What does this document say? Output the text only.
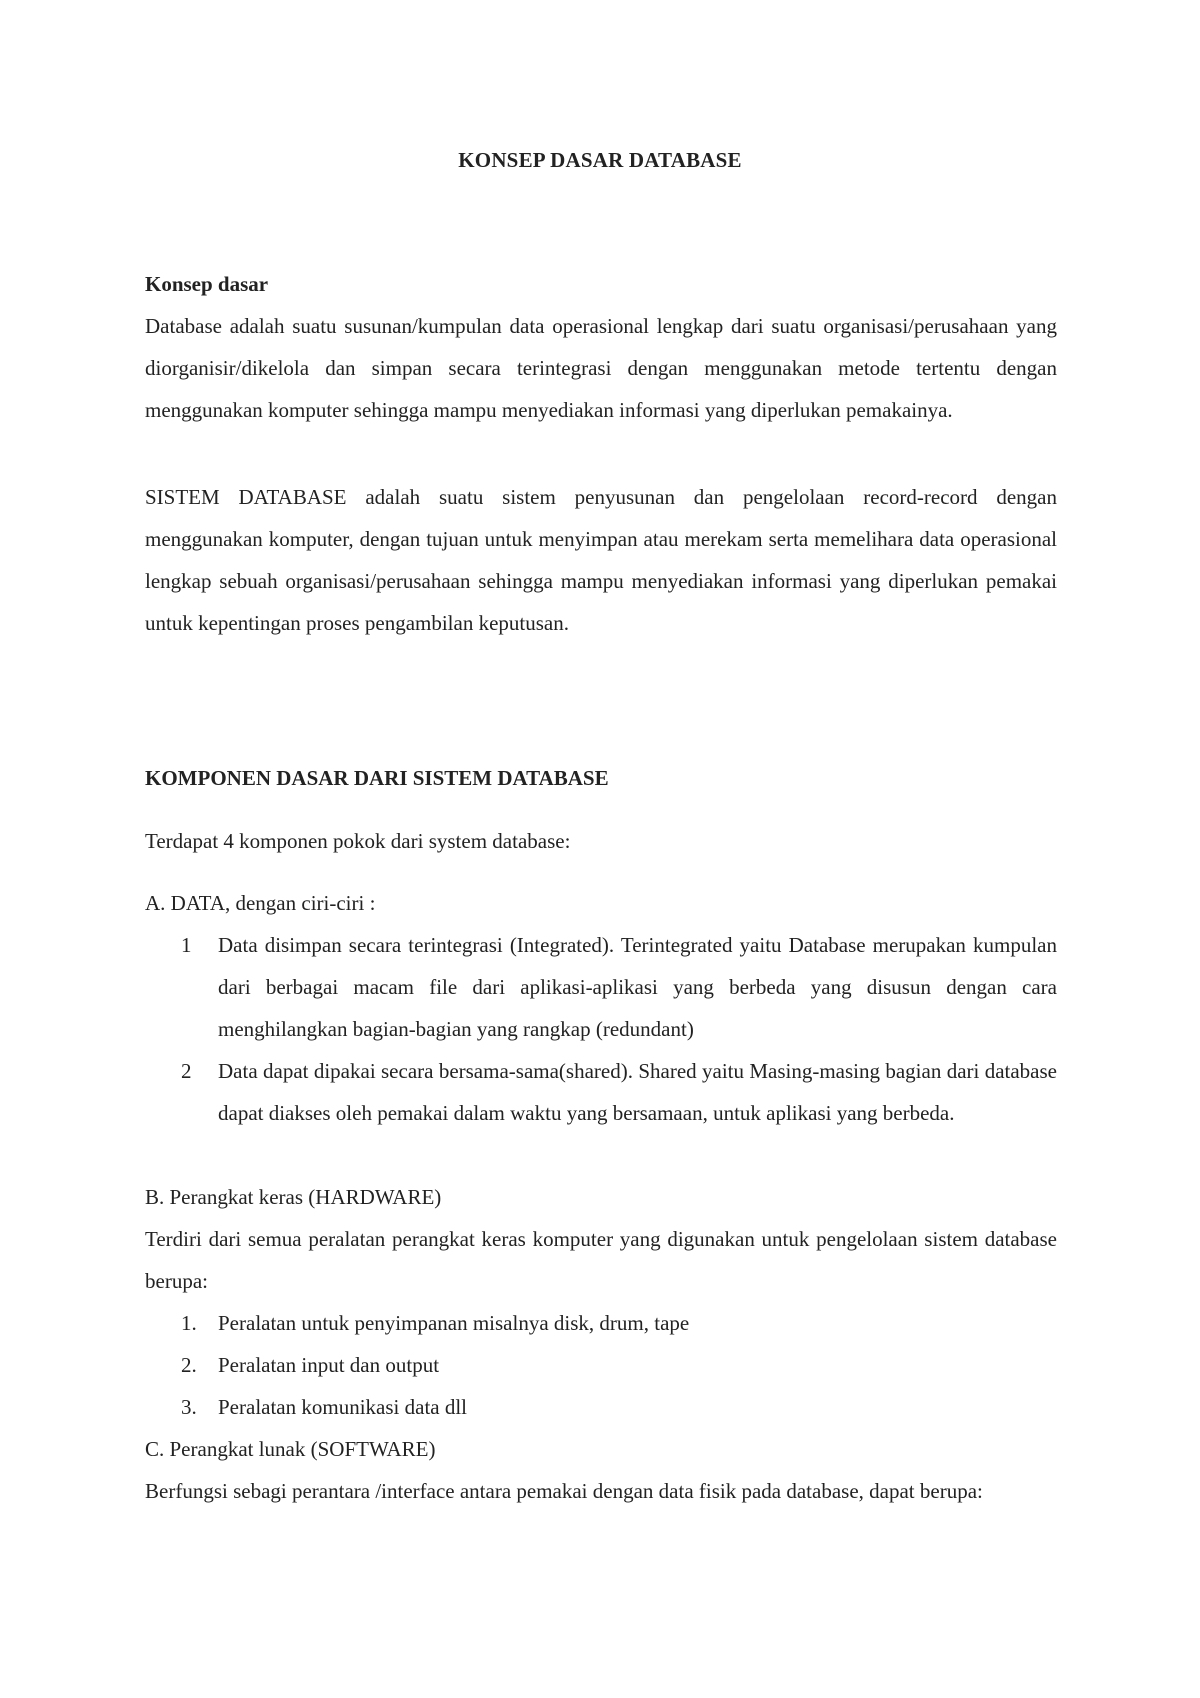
KONSEP DASAR DATABASE
Konsep dasar
Database adalah suatu susunan/kumpulan data operasional lengkap dari suatu organisasi/perusahaan yang diorganisir/dikelola dan simpan secara terintegrasi dengan menggunakan metode tertentu dengan menggunakan komputer sehingga mampu menyediakan informasi yang diperlukan pemakainya.
SISTEM DATABASE adalah suatu sistem penyusunan dan pengelolaan record-record dengan menggunakan komputer, dengan tujuan untuk menyimpan atau merekam serta memelihara data operasional lengkap sebuah organisasi/perusahaan sehingga mampu menyediakan informasi yang diperlukan pemakai untuk kepentingan proses pengambilan keputusan.
KOMPONEN DASAR DARI SISTEM DATABASE
Terdapat 4 komponen pokok dari system database:
A. DATA, dengan ciri-ciri :
1	Data disimpan secara terintegrasi (Integrated). Terintegrated yaitu Database merupakan kumpulan dari berbagai macam file dari aplikasi-aplikasi yang berbeda yang disusun dengan cara menghilangkan bagian-bagian yang rangkap (redundant)
2	Data dapat dipakai secara bersama-sama(shared). Shared yaitu Masing-masing bagian dari database dapat diakses oleh pemakai dalam waktu yang bersamaan, untuk aplikasi yang berbeda.
B. Perangkat keras (HARDWARE)
Terdiri dari semua peralatan perangkat keras komputer yang digunakan untuk pengelolaan sistem database berupa:
1.	Peralatan untuk penyimpanan misalnya disk, drum, tape
2.	Peralatan input dan output
3.	Peralatan komunikasi data dll
C. Perangkat lunak (SOFTWARE)
Berfungsi sebagi perantara /interface antara pemakai dengan data fisik pada database, dapat berupa:
